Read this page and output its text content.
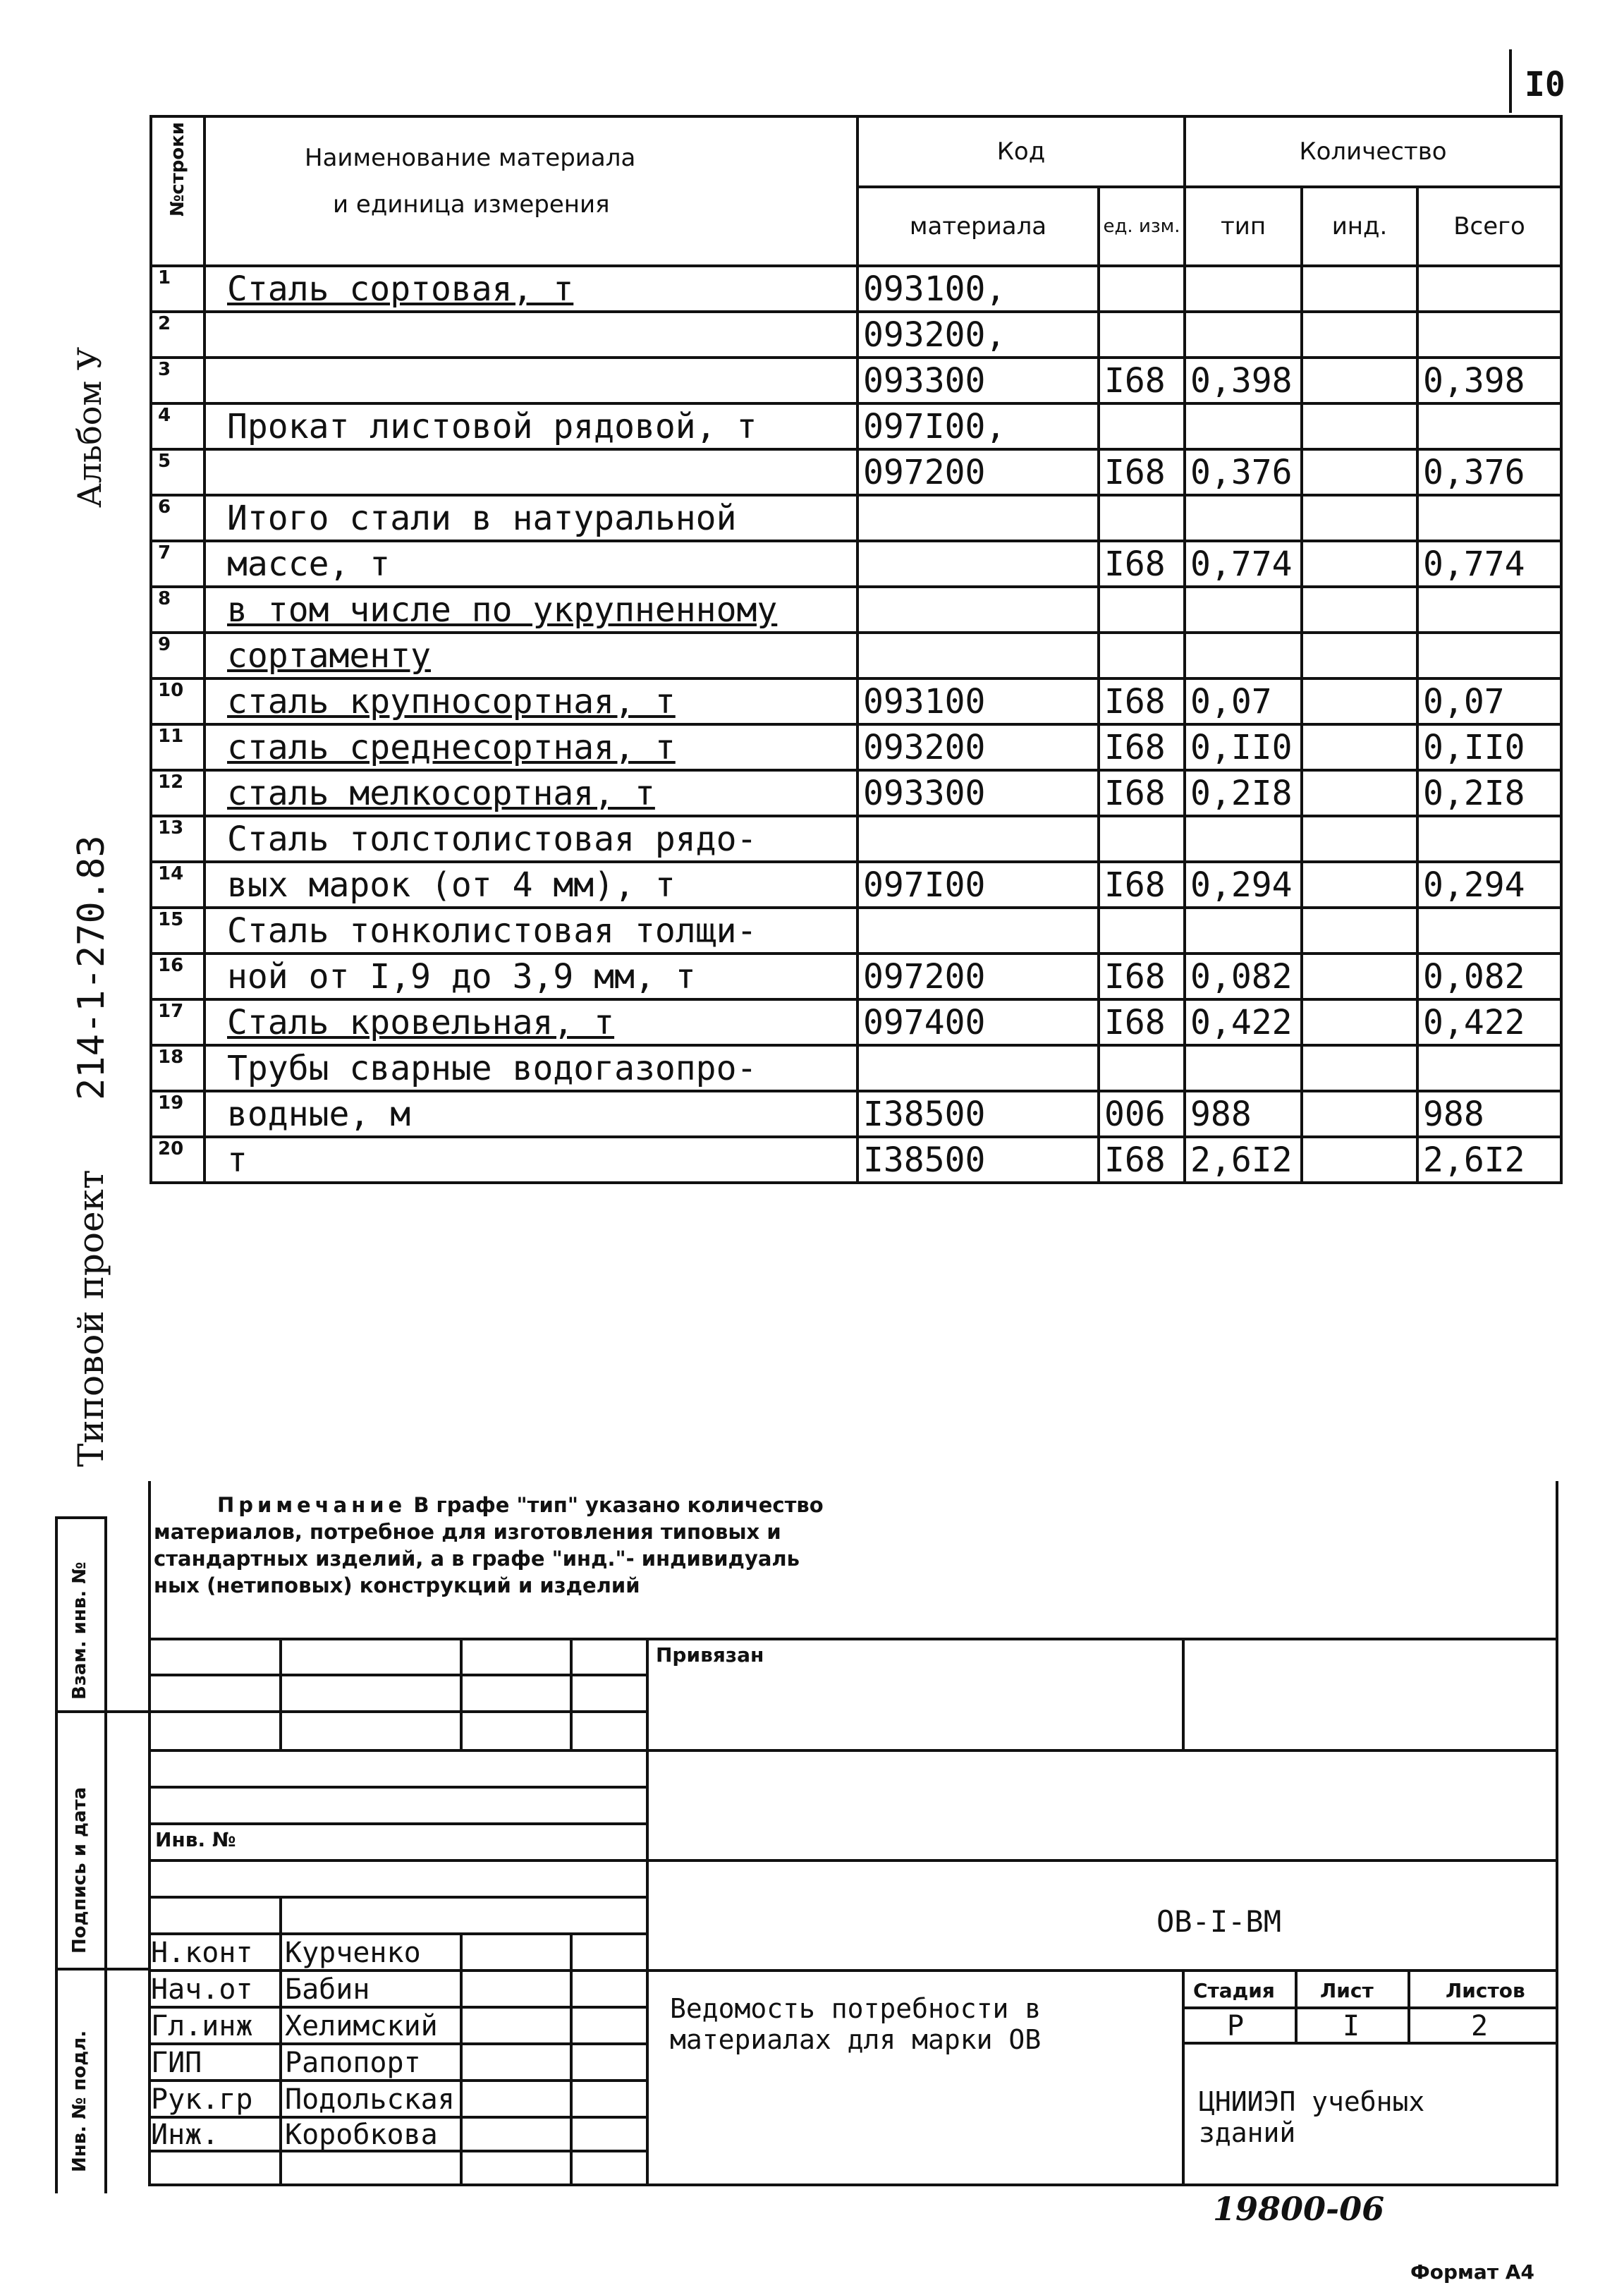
I0
Альбом У
214-1-270.83
Типовой проект
Взам. инв. №
Подпись и дата
Инв. № подл.
№строки	Наименование материала
и единица измерения	Код		Количество		
		материала	ед. изм.	тип	инд.	Всего
1	Сталь сортовая, т	093100,				
2		093200,				
3		093300	I68	0,398		0,398
4	Прокат листовой рядовой, т	097I00,				
5		097200	I68	0,376		0,376
6	Итого стали в натуральной					
7	массе, т		I68	0,774		0,774
8	в том числе по укрупненному					
9	сортаменту					
10	сталь крупносортная, т	093100	I68	0,07		0,07
11	сталь среднесортная, т	093200	I68	0,II0		0,II0
12	сталь мелкосортная, т	093300	I68	0,2I8		0,2I8
13	Сталь толстолистовая рядо-					
14	вых марок (от 4 мм), т	097I00	I68	0,294		0,294
15	Сталь тонколистовая толщи-					
16	ной от I,9 до 3,9 мм, т	097200	I68	0,082		0,082
17	Сталь кровельная, т	097400	I68	0,422		0,422
18	Трубы сварные водогазопро-					
19	водные, м	I38500	006	988		988
20	т	I38500	I68	2,6I2		2,6I2
Примечание В графе "тип" указано количество
материалов, потребное для изготовления типовых и
стандартных изделий, а в графе "инд."- индивидуаль
ных (нетиповых) конструкций и изделий
Привязан
Инв. №
ОВ-I-ВМ
Н.конт Курченко
Нач.от Бабин
Гл.инж Хелимский
ГИП	Рапопорт
Рук.гр Подольская
Инж. Коробкова
Ведомость потребности в материалах для марки ОВ
Стадия Лист	Листов
Р	I	2
ЦНИИЭП учебных зданий
19800-06
Формат А4
